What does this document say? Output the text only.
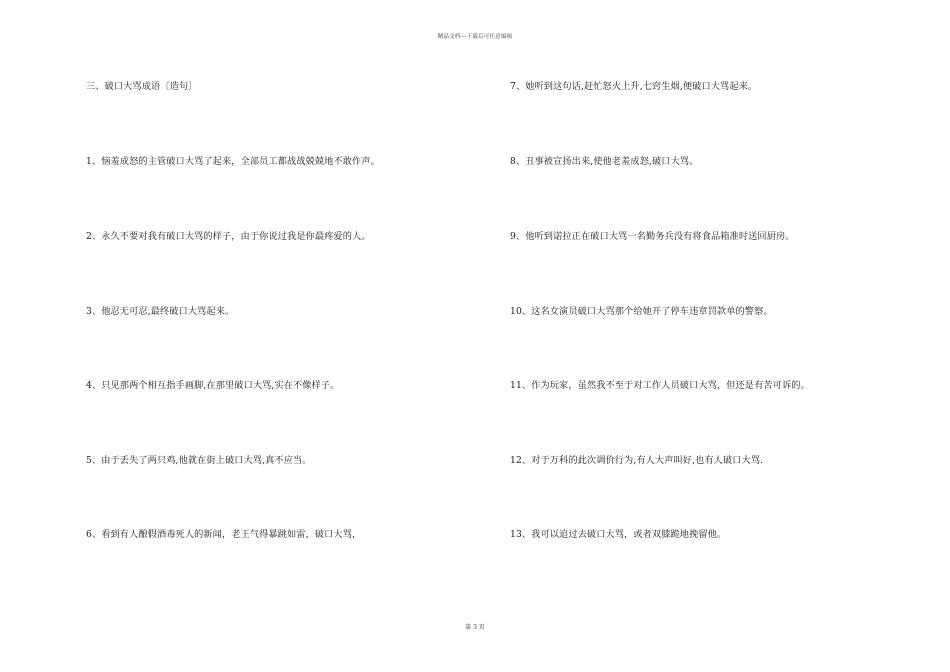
精品文档---下载后可任意编辑
三、破口大骂成语〔造句〕
1、恼羞成怒的主管破口大骂了起来，全部员工都战战兢兢地不敢作声。
2、永久不要对我有破口大骂的样子，由于你说过我是你最疼爱的人。
3、他忍无可忍,最终破口大骂起来。
4、只见那两个相互指手画脚,在那里破口大骂,实在不像样子。
5、由于丢失了两只鸡,他就在街上破口大骂,真不应当。
6、看到有人酿假酒毒死人的新闻，老王气得暴跳如雷，破口大骂，
7、她听到这句话,赶忙怒火上升,七窍生烟,便破口大骂起来。
8、丑事被宣扬出来,使他老羞成怒,破口大骂。
9、他听到诺拉正在破口大骂一名勤务兵没有将食品箱准时送回厨房。
10、这名女演员破口大骂那个给她开了停车违章罚款单的警察。
11、作为玩家，虽然我不至于对工作人员破口大骂，但还是有苦可诉的。
12、对于万科的此次调价行为,有人大声叫好,也有人破口大骂.
13、我可以追过去破口大骂，或者双膝跪地挽留他。
第 3 页
